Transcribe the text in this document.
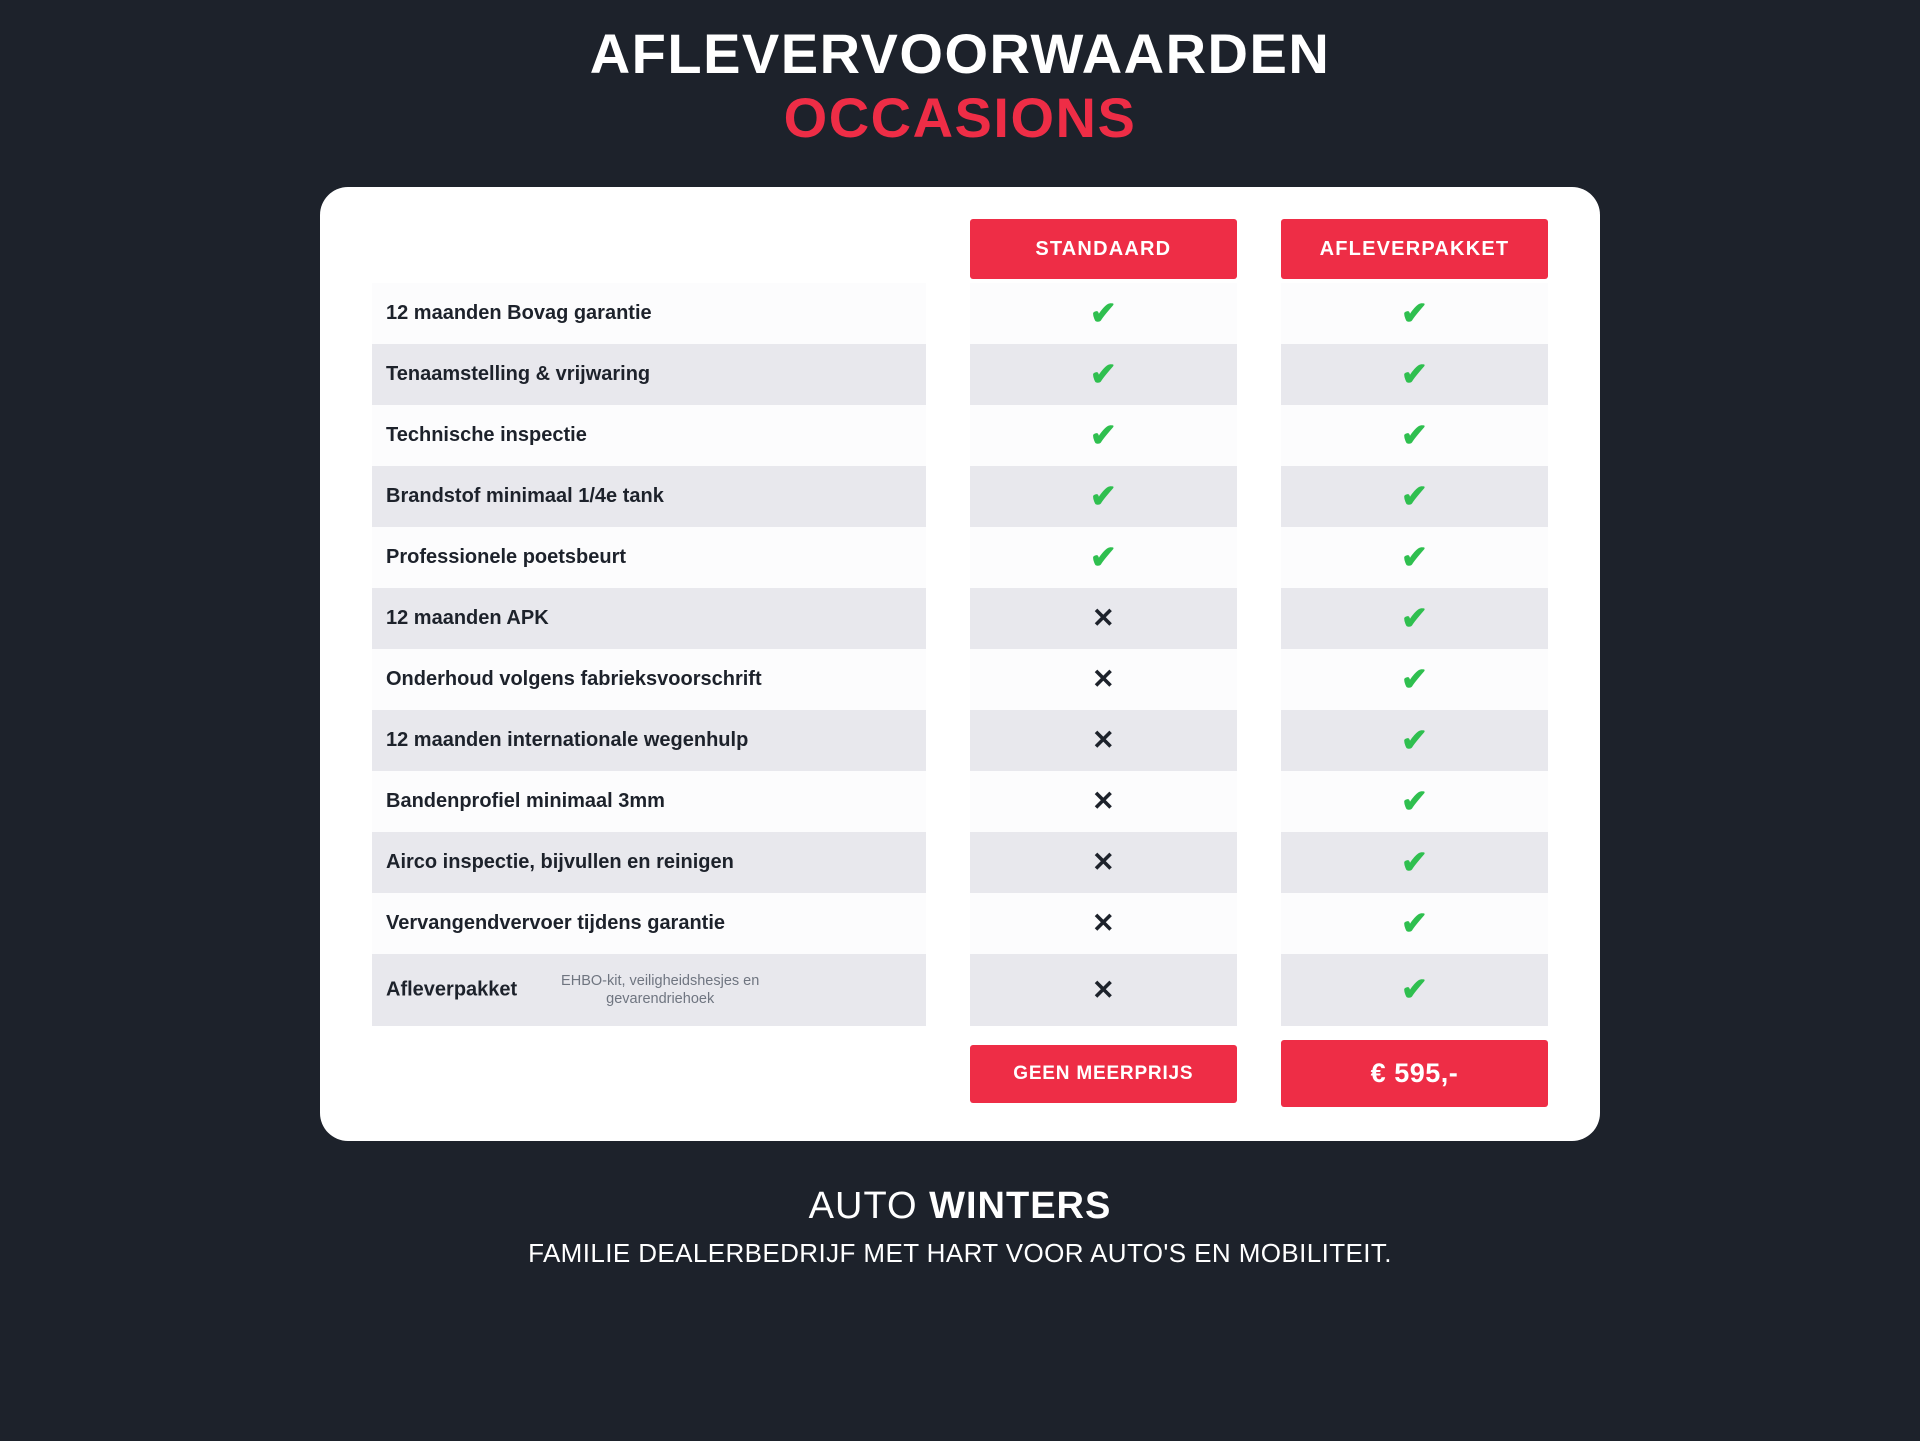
AFLEVERVOORWAARDEN
OCCASIONS

		STANDAARD		AFLEVERPAKKET

12 maanden Bovag garantie		✔		✔
Tenaamstelling & vrijwaring		✔		✔
Technische inspectie		✔		✔
Brandstof minimaal 1/4e tank		✔		✔
Professionele poetsbeurt		✔		✔
12 maanden APK		✕		✔
Onderhoud volgens fabrieksvoorschrift		✕		✔
12 maanden internationale wegenhulp		✕		✔
Bandenprofiel minimaal 3mm		✕		✔
Airco inspectie, bijvullen en reinigen		✕		✔
Vervangendvervoer tijdens garantie		✕		✔
Afleverpakket EHBO-kit, veiligheidshesjes en gevarendriehoek		✕		✔

		GEEN MEERPRIJS		€ 595,-
AUTO WINTERS
FAMILIE DEALERBEDRIJF MET HART VOOR AUTO'S EN MOBILITEIT.
